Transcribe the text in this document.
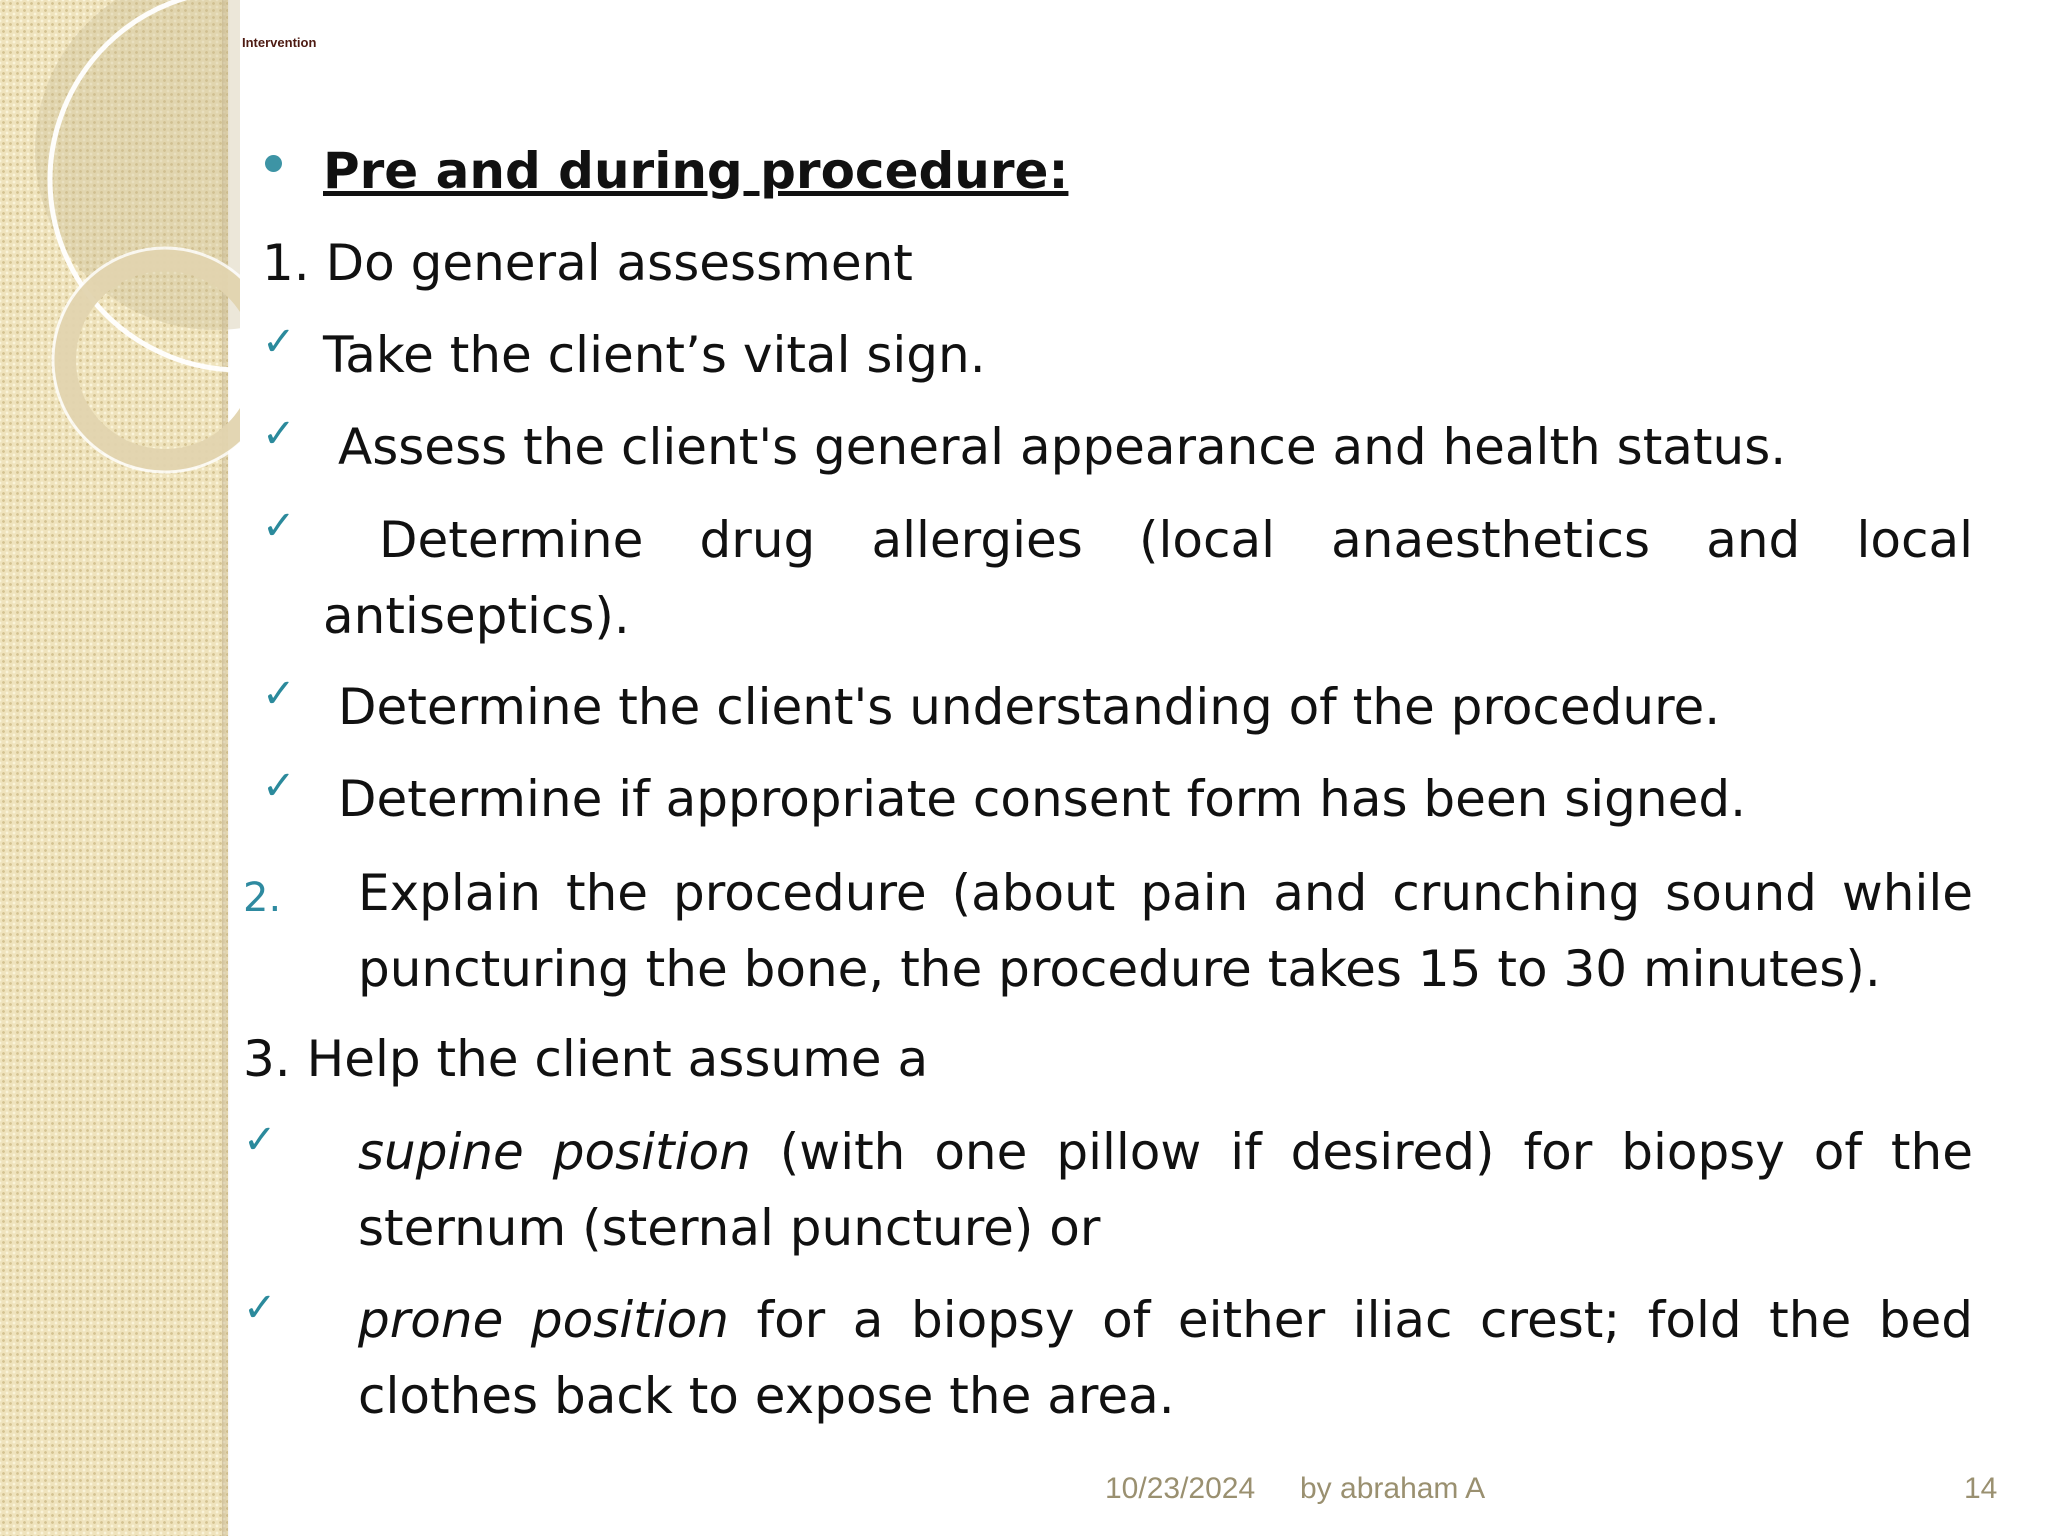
Intervention
Pre and during procedure:
1. Do general assessment
✓ Take the client’s vital sign.
✓ Assess the client's general appearance and health status.
✓	Determine drug allergies (local anaesthetics and local antiseptics).
✓ Determine the client's understanding of the procedure.
✓ Determine if appropriate consent form has been signed.
2. Explain the procedure (about pain and crunching sound while puncturing the bone, the procedure takes 15 to 30 minutes).
3. Help the client assume a
✓ supine position (with one pillow if desired) for biopsy of the sternum (sternal puncture) or
✓ prone position for a biopsy of either iliac crest; fold the bed clothes back to expose the area.
10/23/2024 by abraham A	14
